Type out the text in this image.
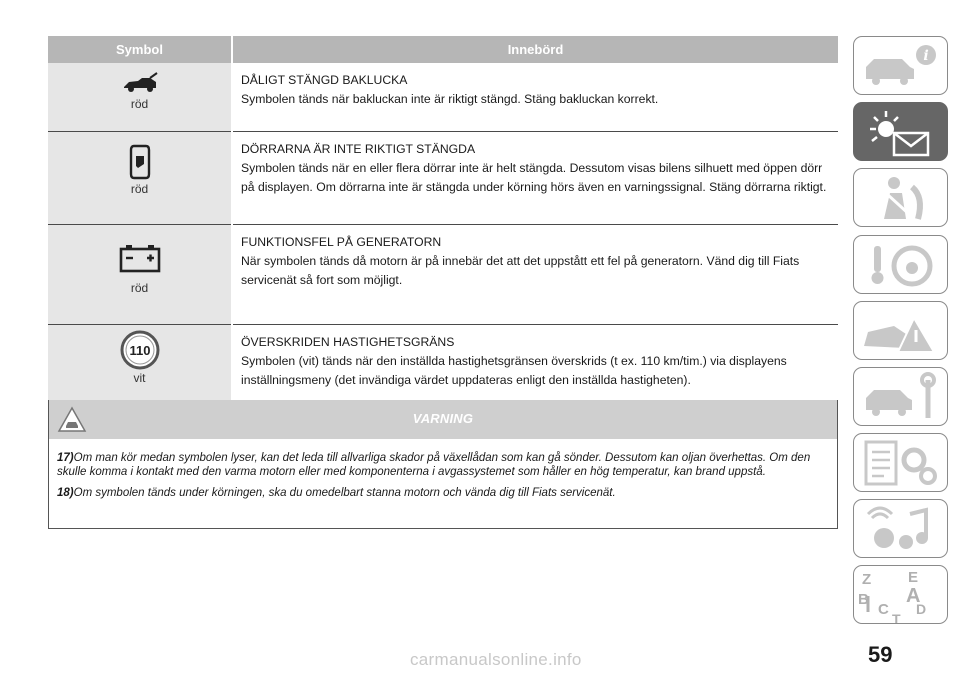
Symbol	Innebörd

röd	DÅLIGT STÄNGD BAKLUCKA
Symbolen tänds när bakluckan inte är riktigt stängd. Stäng bakluckan korrekt.

röd	DÖRRARNA ÄR INTE RIKTIGT STÄNGDA
Symbolen tänds när en eller flera dörrar inte är helt stängda. Dessutom visas bilens silhuett med öppen dörr på displayen. Om dörrarna inte är stängda under körning hörs även en varningssignal. Stäng dörrarna riktigt.

röd	FUNKTIONSFEL PÅ GENERATORN
När symbolen tänds då motorn är på innebär det att det uppstått ett fel på generatorn. Vänd dig till Fiats servicenät så fort som möjligt.

110
vit	ÖVERSKRIDEN HASTIGHETSGRÄNS
Symbolen (vit) tänds när den inställda hastighetsgränsen överskrids (t ex. 110 km/tim.) via displayens inställningsmeny (det invändiga värdet uppdateras enligt den inställda hastigheten).
VARNING

17)Om man kör medan symbolen lyser, kan det leda till allvarliga skador på växellådan som kan gå sönder. Dessutom kan oljan överhettas. Om den skulle komma i kontakt med den varma motorn eller med komponenterna i avgassystemet som håller en hög temperatur, kan brand uppstå.

18)Om symbolen tänds under körningen, ska du omedelbart stanna motorn och vända dig till Fiats servicenät.

i
Z E
B A
C D
T
59
carmanualsonline.info
